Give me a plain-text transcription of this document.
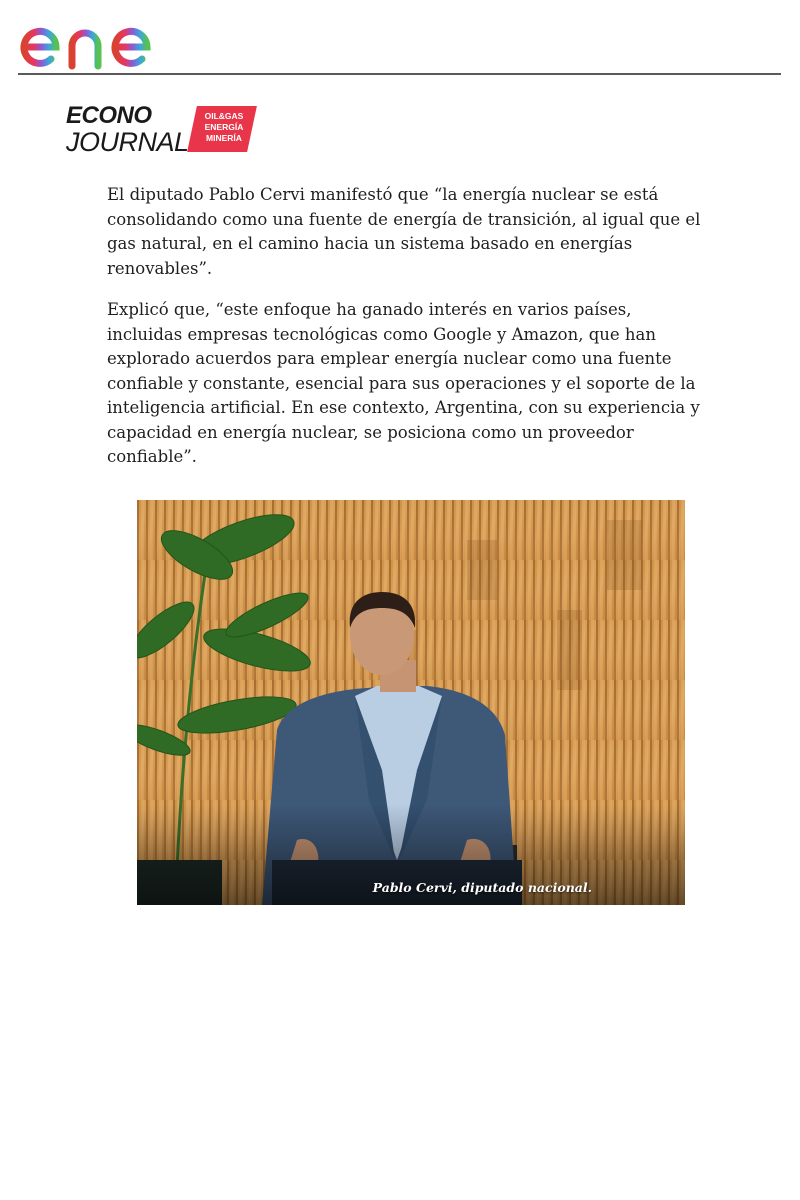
ECONO
JOURNAL
OIL&GAS
ENERGÍA
MINERÍA

El diputado Pablo Cervi manifestó que “la energía nuclear se está consolidando como una fuente de energía de transición, al igual que el gas natural, en el camino hacia un sistema basado en energías renovables”.

Explicó que, “este enfoque ha ganado interés en varios países, incluidas empresas tecnológicas como Google y Amazon, que han explorado acuerdos para emplear energía nuclear como una fuente confiable y constante, esencial para sus operaciones y el soporte de la inteligencia artificial. En ese contexto, Argentina, con su experiencia y capacidad en energía nuclear, se posiciona como un proveedor confiable”.

Pablo Cervi, diputado nacional.
